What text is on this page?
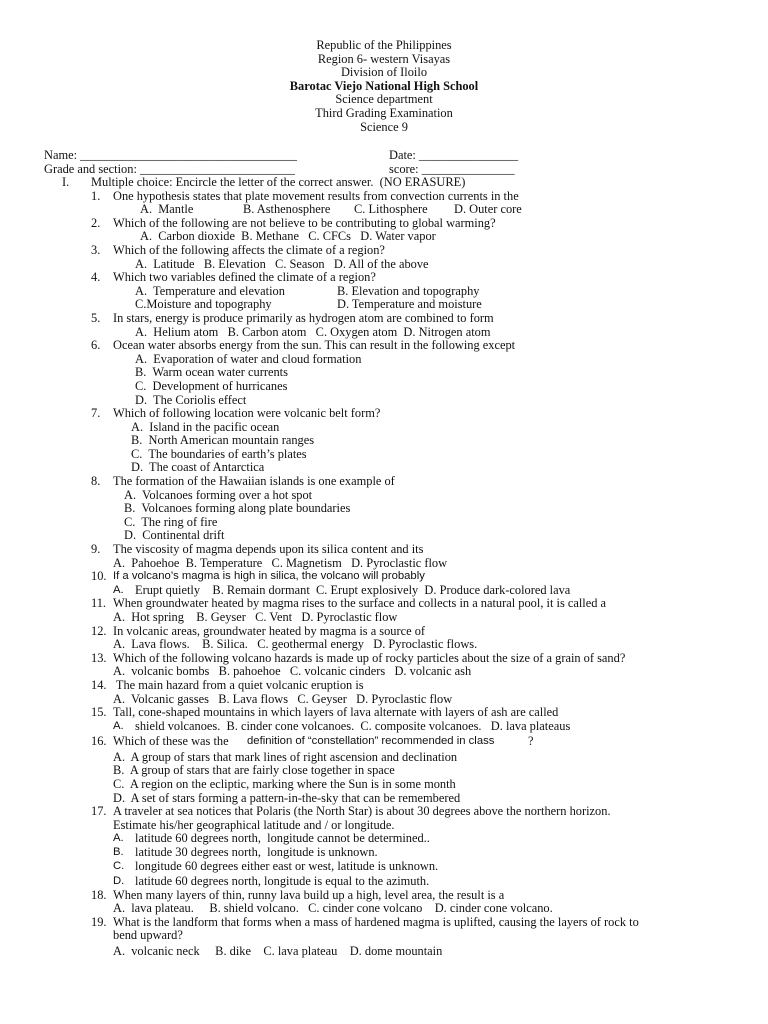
Republic of the Philippines
Region 6- western Visayas
Division of Iloilo
Barotac Viejo National High School
Science department
Third Grading Examination
Science 9
Name: ___________________________________	Date: ________________
Grade and section: _________________________	score: _______________
I. Multiple choice: Encircle the letter of the correct answer.  (NO ERASURE)
1. One hypothesis states that plate movement results from convection currents in the
A.  Mantle	B. Asthenosphere C. Lithosphere D. Outer core
2. Which of the following are not believe to be contributing to global warming?
A.  Carbon dioxide  B. Methane   C. CFCs   D. Water vapor
3. Which of the following affects the climate of a region?
A.  Latitude   B. Elevation   C. Season   D. All of the above
4. Which two variables defined the climate of a region?
A.  Temperature and elevation	B. Elevation and topography
C.Moisture and topography	D. Temperature and moisture
5. In stars, energy is produce primarily as hydrogen atom are combined to form
A.  Helium atom   B. Carbon atom   C. Oxygen atom  D. Nitrogen atom
6. Ocean water absorbs energy from the sun. This can result in the following except
A.  Evaporation of water and cloud formation
B.  Warm ocean water currents
C.  Development of hurricanes
D.  The Coriolis effect
7. Which of following location were volcanic belt form?
A.  Island in the pacific ocean
B.  North American mountain ranges
C.  The boundaries of earth’s plates
D.  The coast of Antarctica
8. The formation of the Hawaiian islands is one example of
A.  Volcanoes forming over a hot spot
B.  Volcanoes forming along plate boundaries
C.  The ring of fire
D.  Continental drift
9. The viscosity of magma depends upon its silica content and its
A.  Pahoehoe  B. Temperature   C. Magnetism   D. Pyroclastic flow
10. If a volcano’s magma is high in silica, the volcano will probably
A. Erupt quietly    B. Remain dormant  C. Erupt explosively  D. Produce dark-colored lava
11. When groundwater heated by magma rises to the surface and collects in a natural pool, it is called a
A.  Hot spring    B. Geyser   C. Vent   D. Pyroclastic flow
12. In volcanic areas, groundwater heated by magma is a source of
A.  Lava flows.    B. Silica.   C. geothermal energy   D. Pyroclastic flows.
13. Which of the following volcano hazards is made up of rocky particles about the size of a grain of sand?
A.  volcanic bombs   B. pahoehoe   C. volcanic cinders   D. volcanic ash
14. The main hazard from a quiet volcanic eruption is
A.  Volcanic gasses   B. Lava flows   C. Geyser   D. Pyroclastic flow
15. Tall, cone-shaped mountains in which layers of lava alternate with layers of ash are called
A. shield volcanoes.  B. cinder cone volcanoes.  C. composite volcanoes.   D. lava plateaus
16. Which of these was the definition of “constellation” recommended in class	?
A.  A group of stars that mark lines of right ascension and declination
B.  A group of stars that are fairly close together in space
C.  A region on the ecliptic, marking where the Sun is in some month
D.  A set of stars forming a pattern-in-the-sky that can be remembered
17. A traveler at sea notices that Polaris (the North Star) is about 30 degrees above the northern horizon.
Estimate his/her geographical latitude and / or longitude.
A. latitude 60 degrees north,  longitude cannot be determined..
B. latitude 30 degrees north,  longitude is unknown.
C. longitude 60 degrees either east or west, latitude is unknown.
D. latitude 60 degrees north, longitude is equal to the azimuth.
18. When many layers of thin, runny lava build up a high, level area, the result is a
A.  lava plateau.     B. shield volcano.   C. cinder cone volcano    D. cinder cone volcano.
19. What is the landform that forms when a mass of hardened magma is uplifted, causing the layers of rock to
bend upward?
A.  volcanic neck     B. dike    C. lava plateau    D. dome mountain
